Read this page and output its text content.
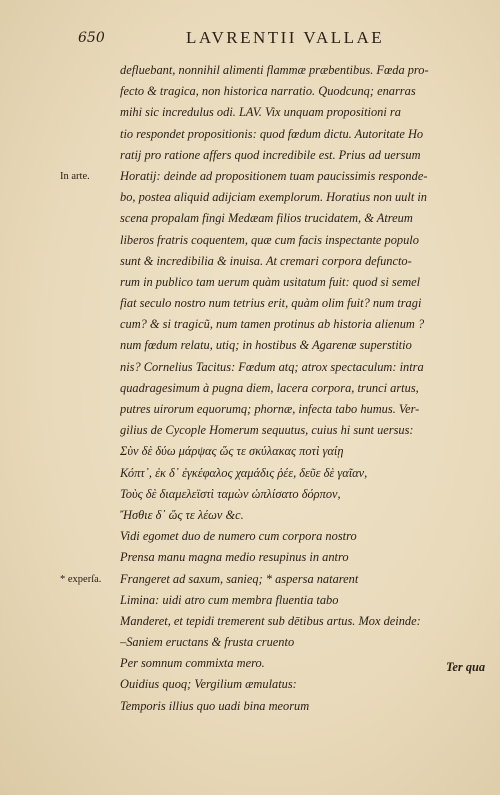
650	LAVRENTII VALLAE
defluebant, nonnihil alimenti flammæ præbentibus. Fœda pro-
fecto & tragica, non historica narratio. Quodcunq; enarras
mihi sic incredulus odi. LAV. Vix unquam propositioni ra
tio respondet propositionis: quod fœdum dictu. Autoritate Ho
ratij pro ratione affers quod incredibile est. Prius ad uersum
In arte. Horatij: deinde ad propositionem tuam paucissimis responde-
bo, postea aliquid adijciam exemplorum. Horatius non uult in
scena propalam fingi Medæam filios trucidatem, & Atreum
liberos fratris coquentem, quæ cum facis inspectante populo
sunt & incredibilia & inuisa. At cremari corpora defuncto-
rum in publico tam uerum quàm usitatum fuit: quod si semel
fiat seculo nostro num tetrius erit, quàm olim fuit? num tragi
cum? & si tragicũ, num tamen protinus ab historia alienum ?
num fœdum relatu, utiq; in hostibus & Agarenæ superstitio
nis? Cornelius Tacitus: Fœdum atq; atrox spectaculum: intra
quadragesimum à pugna diem, lacera corpora, trunci artus,
putres uirorum equorumq; phornæ, infecta tabo humus. Ver-
gilius de Cycople Homerum sequutus, cuius hi sunt uersus:
Σὺν δὲ δύω μάρψας ὥς τε σκύλακας ποτὶ γαίῃ
Κόπτ᾽, ἐκ δ᾽ ἐγκέφαλος χαμάδις ῥέε, δεῦε δὲ γαῖαν,
Τοὺς δὲ διαμελεϊστὶ ταμὼν ὡπλίσατο δόρπον,
Ἤσθιε δ᾽ ὥς τε λέων &c.
Vidi egomet duo de numero cum corpora nostro
Prensa manu magna medio resupinus in antro
* experſa. Frangeret ad saxum, sanieq; * aspersa natarent
Limina: uidi atro cum membra fluentia tabo
Manderet, et tepidi tremerent sub dētibus artus. Mox deinde:
–Saniem eructans & frusta cruento
Per somnum commixta mero.
Ouidius quoq; Vergilium æmulatus:
Temporis illius quo uadi bina meorum
Ter qua
